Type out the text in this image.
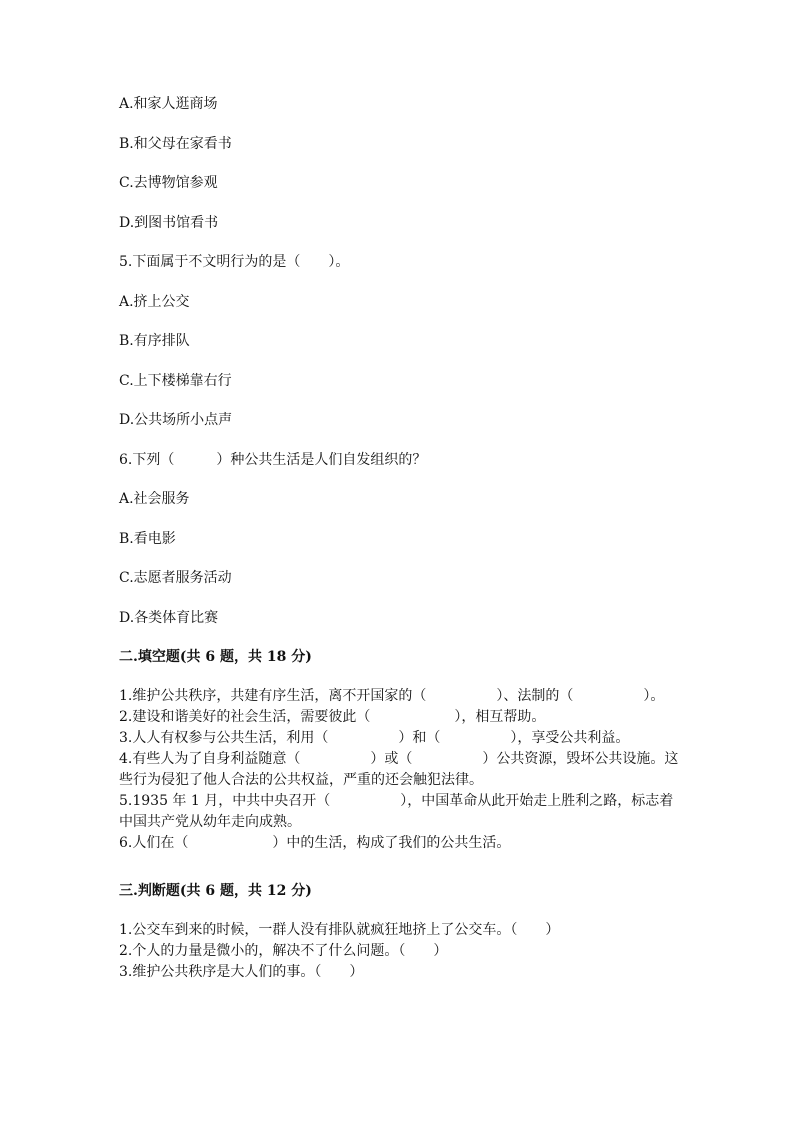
A.和家人逛商场
B.和父母在家看书
C.去博物馆参观
D.到图书馆看书
5.下面属于不文明行为的是（　　）。
A.挤上公交
B.有序排队
C.上下楼梯靠右行
D.公共场所小点声
6.下列（　　　）种公共生活是人们自发组织的？
A.社会服务
B.看电影
C.志愿者服务活动
D.各类体育比赛
二.填空题(共 6 题，共 18 分)
1.维护公共秩序，共建有序生活，离不开国家的（　　　　　）、法制的（　　　　　）。
2.建设和谐美好的社会生活，需要彼此（　　　　　　），相互帮助。
3.人人有权参与公共生活，利用（　　　　　）和（　　　　　），享受公共利益。
4.有些人为了自身利益随意（　　　　　）或（　　　　　）公共资源，毁坏公共设施。这些行为侵犯了他人合法的公共权益，严重的还会触犯法律。
5.1935 年 1 月，中共中央召开（　　　　　），中国革命从此开始走上胜利之路，标志着中国共产党从幼年走向成熟。
6.人们在（　　　　　　）中的生活，构成了我们的公共生活。
三.判断题(共 6 题，共 12 分)
1.公交车到来的时候，一群人没有排队就疯狂地挤上了公交车。（　　）
2.个人的力量是微小的，解决不了什么问题。（　　）
3.维护公共秩序是大人们的事。（　　）
